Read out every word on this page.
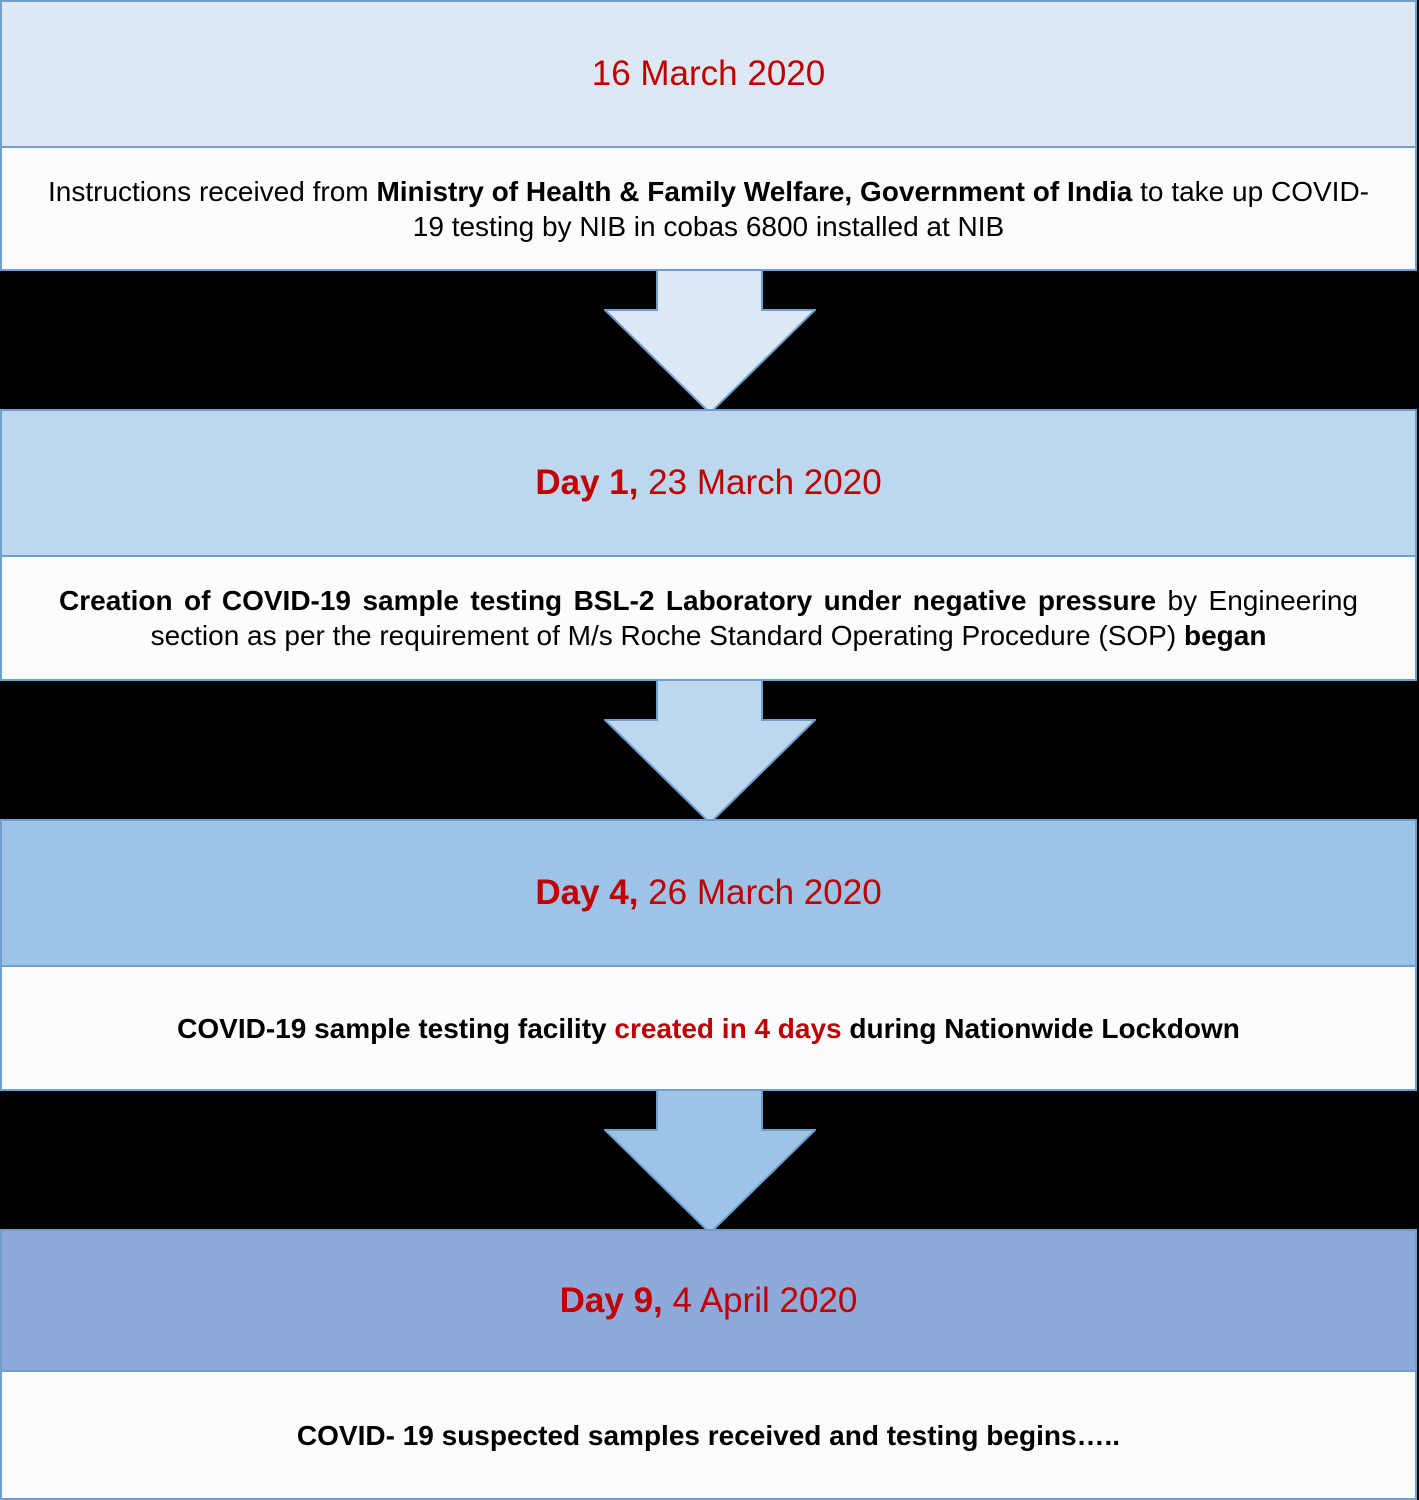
16 March 2020
Instructions received from Ministry of Health & Family Welfare, Government of India to take up COVID-19 testing by NIB in cobas 6800 installed at NIB
Day 1, 23 March 2020
Creation of COVID-19 sample testing BSL-2 Laboratory under negative pressure by Engineering section as per the requirement of M/s Roche Standard Operating Procedure (SOP) began
Day 4, 26 March 2020
COVID-19 sample testing facility created in 4 days during Nationwide Lockdown
Day 9, 4 April 2020
COVID- 19 suspected samples received and testing begins…..
